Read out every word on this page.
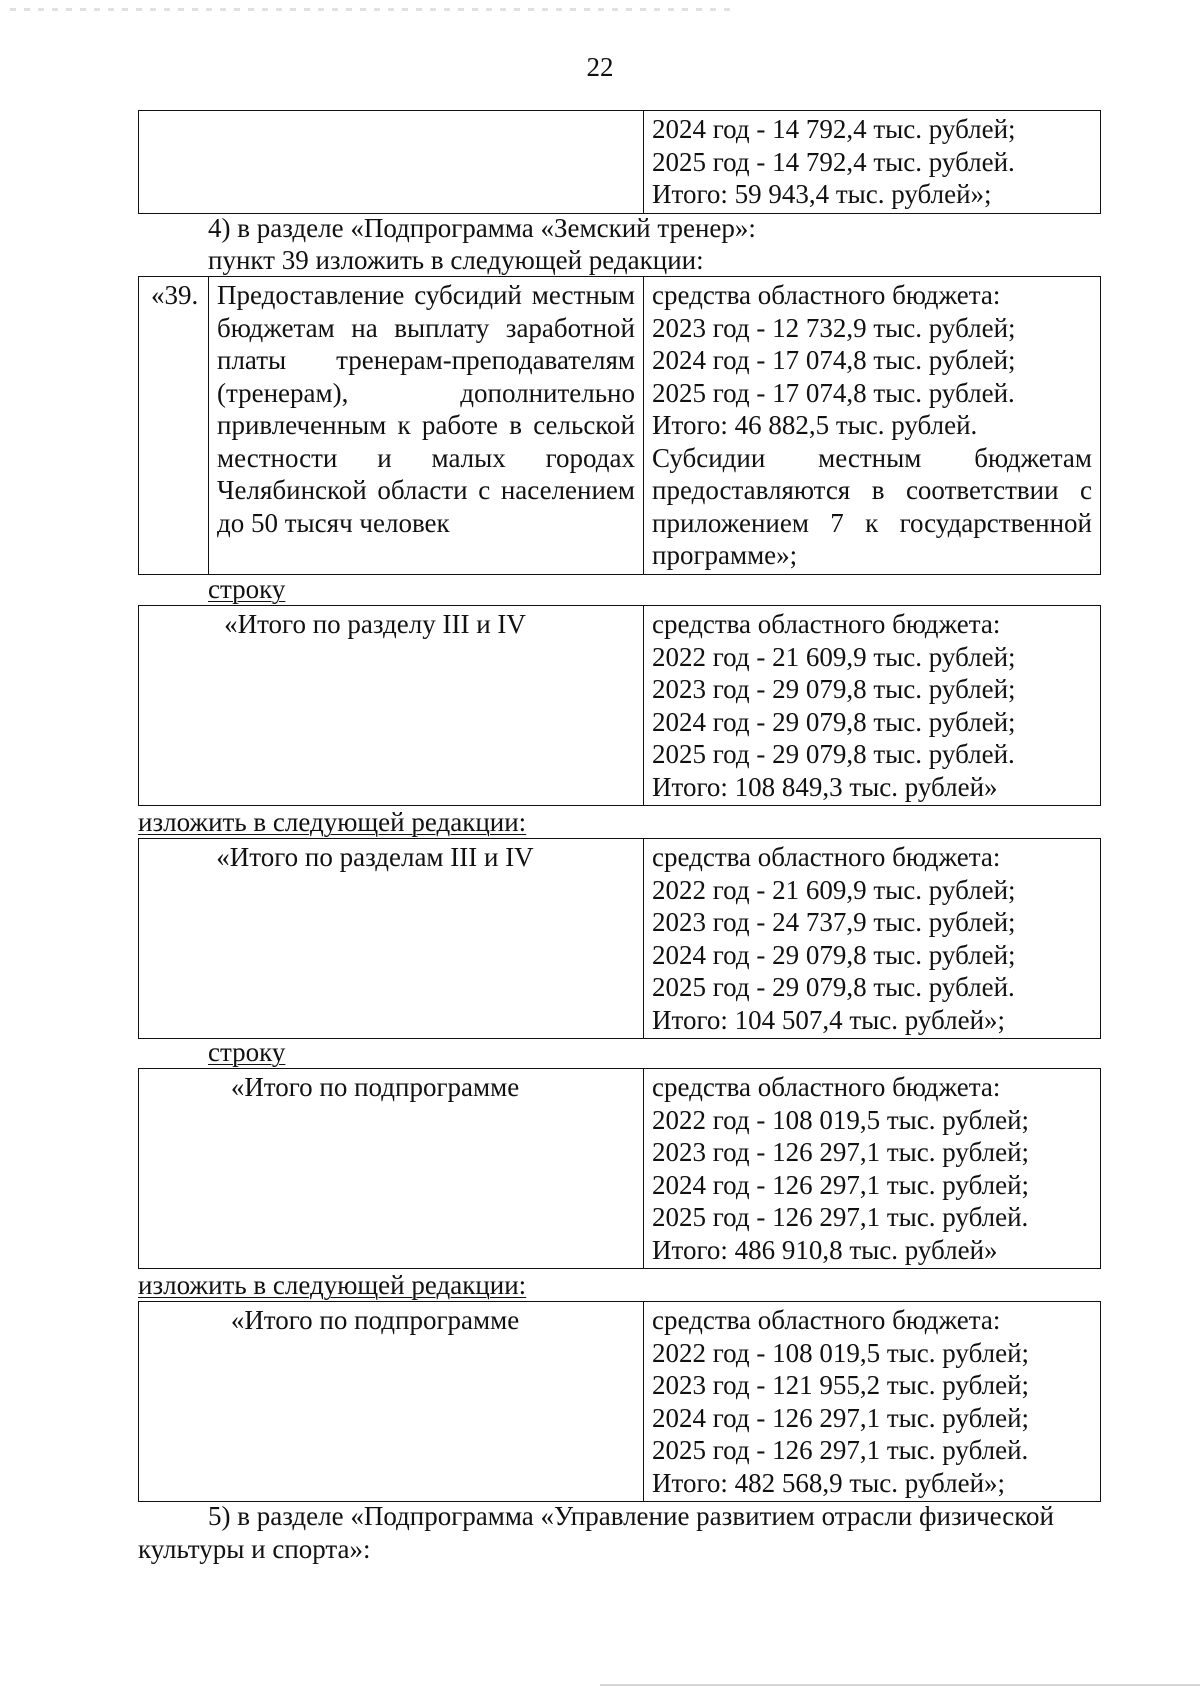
22

2024 год - 14 792,4 тыс. рублей;
2025 год - 14 792,4 тыс. рублей.
Итого: 59 943,4 тыс. рублей»;
4) в разделе «Подпрограмма «Земский тренер»:
пункт 39 изложить в следующей редакции:
«39.	Предоставление субсидий местным бюджетам на выплату заработной платы тренерам-преподавателям (тренерам), дополнительно привлеченным к работе в сельской местности и малых городах Челябинской области с населением до 50 тысяч человек	
средства областного бюджета:
2023 год - 12 732,9 тыс. рублей;
2024 год - 17 074,8 тыс. рублей;
2025 год - 17 074,8 тыс. рублей.
Итого: 46 882,5 тыс. рублей.
Субсидии местным бюджетам предоставляются в соответствии с приложением 7 к государственной программе»;
строку
«Итого по разделу III и IV	средства областного бюджета:
2022 год - 21 609,9 тыс. рублей;
2023 год - 29 079,8 тыс. рублей;
2024 год - 29 079,8 тыс. рублей;
2025 год - 29 079,8 тыс. рублей.
Итого: 108 849,3 тыс. рублей»
изложить в следующей редакции:
«Итого по разделам III и IV	средства областного бюджета:
2022 год - 21 609,9 тыс. рублей;
2023 год - 24 737,9 тыс. рублей;
2024 год - 29 079,8 тыс. рублей;
2025 год - 29 079,8 тыс. рублей.
Итого: 104 507,4 тыс. рублей»;
строку
«Итого по подпрограмме	средства областного бюджета:
2022 год - 108 019,5 тыс. рублей;
2023 год - 126 297,1 тыс. рублей;
2024 год - 126 297,1 тыс. рублей;
2025 год - 126 297,1 тыс. рублей.
Итого: 486 910,8 тыс. рублей»
изложить в следующей редакции:
«Итого по подпрограмме	средства областного бюджета:
2022 год - 108 019,5 тыс. рублей;
2023 год - 121 955,2 тыс. рублей;
2024 год - 126 297,1 тыс. рублей;
2025 год - 126 297,1 тыс. рублей.
Итого: 482 568,9 тыс. рублей»;
5) в разделе «Подпрограмма «Управление развитием отрасли физической
культуры и спорта»:
